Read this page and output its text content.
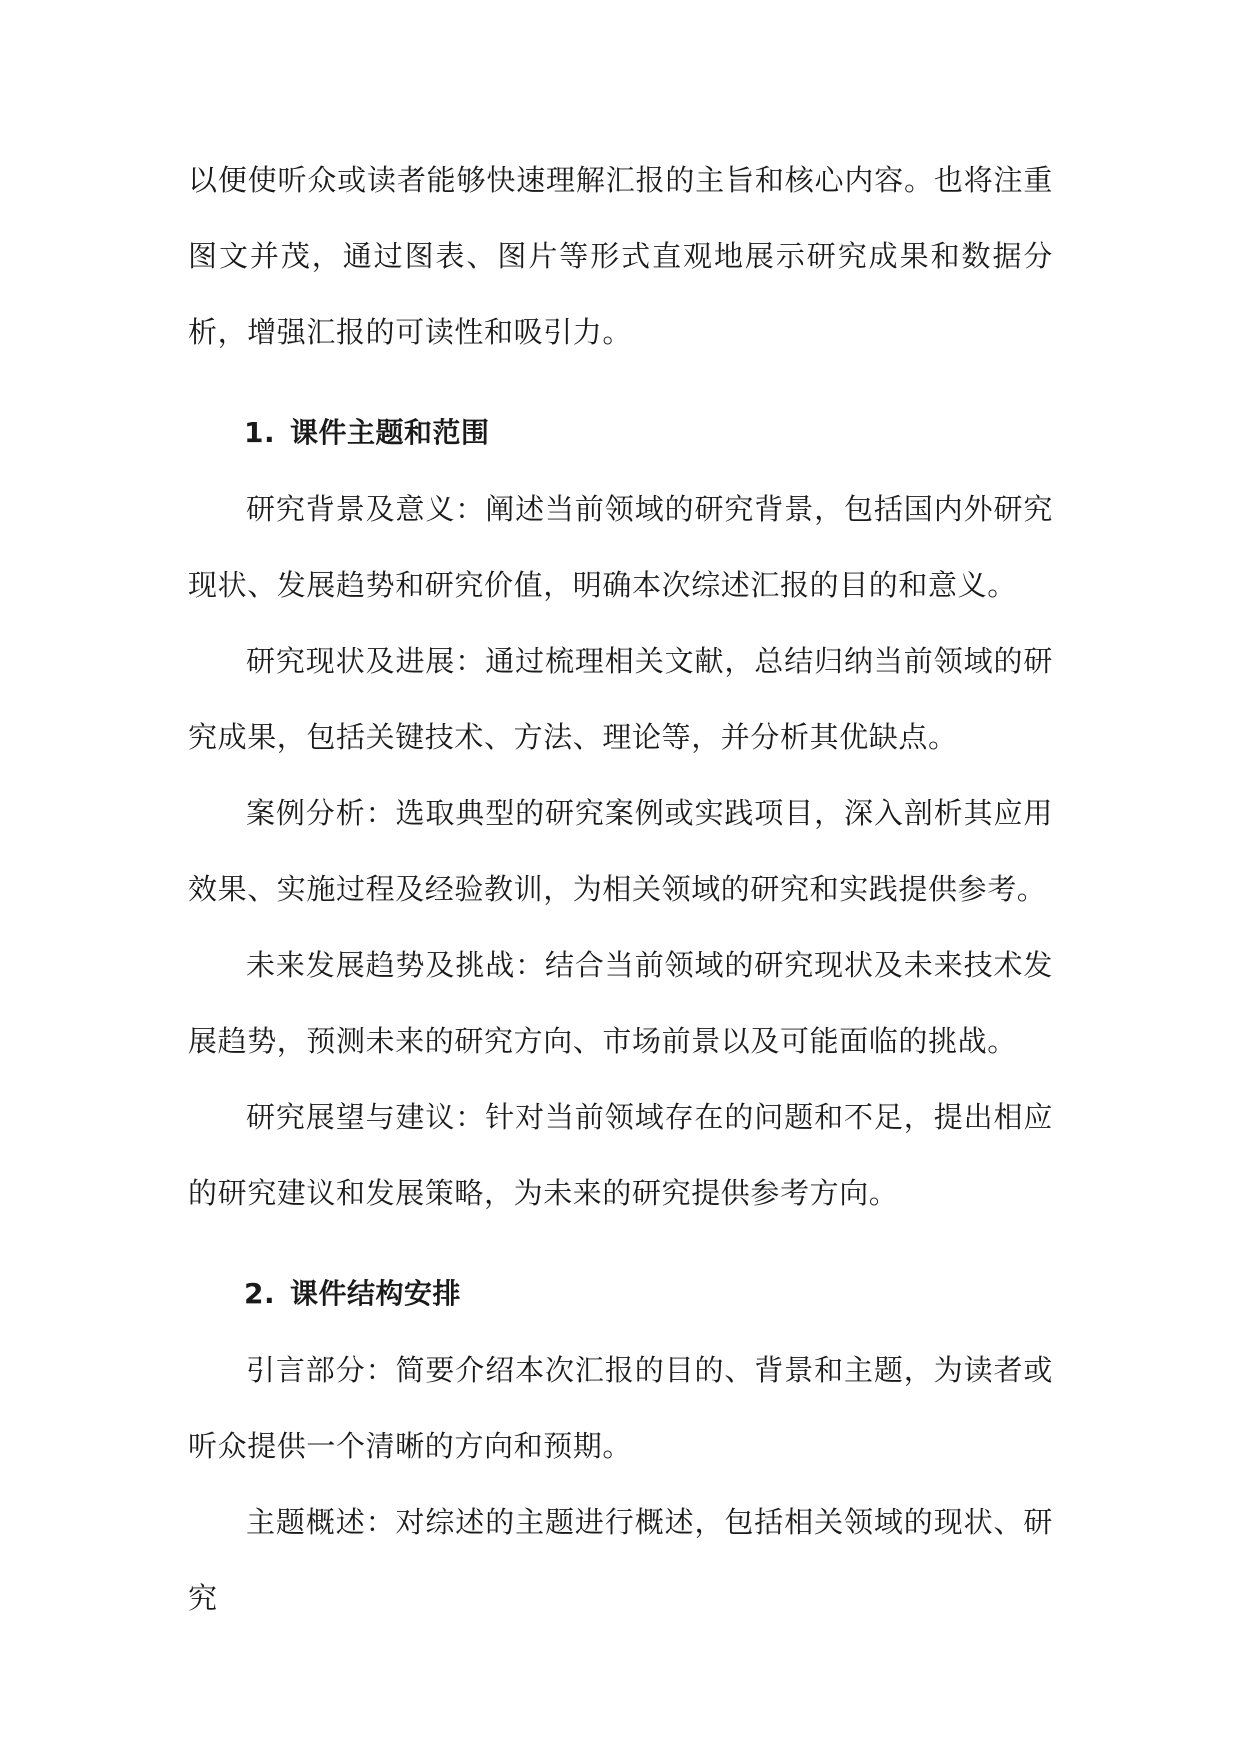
以便使听众或读者能够快速理解汇报的主旨和核心内容。也将注重图文并茂，通过图表、图片等形式直观地展示研究成果和数据分析，增强汇报的可读性和吸引力。

1. 课件主题和范围

研究背景及意义：阐述当前领域的研究背景，包括国内外研究现状、发展趋势和研究价值，明确本次综述汇报的目的和意义。

研究现状及进展：通过梳理相关文献，总结归纳当前领域的研究成果，包括关键技术、方法、理论等，并分析其优缺点。

案例分析：选取典型的研究案例或实践项目，深入剖析其应用效果、实施过程及经验教训，为相关领域的研究和实践提供参考。

未来发展趋势及挑战：结合当前领域的研究现状及未来技术发展趋势，预测未来的研究方向、市场前景以及可能面临的挑战。

研究展望与建议：针对当前领域存在的问题和不足，提出相应的研究建议和发展策略，为未来的研究提供参考方向。

2. 课件结构安排

引言部分：简要介绍本次汇报的目的、背景和主题，为读者或听众提供一个清晰的方向和预期。

主题概述：对综述的主题进行概述，包括相关领域的现状、研究
